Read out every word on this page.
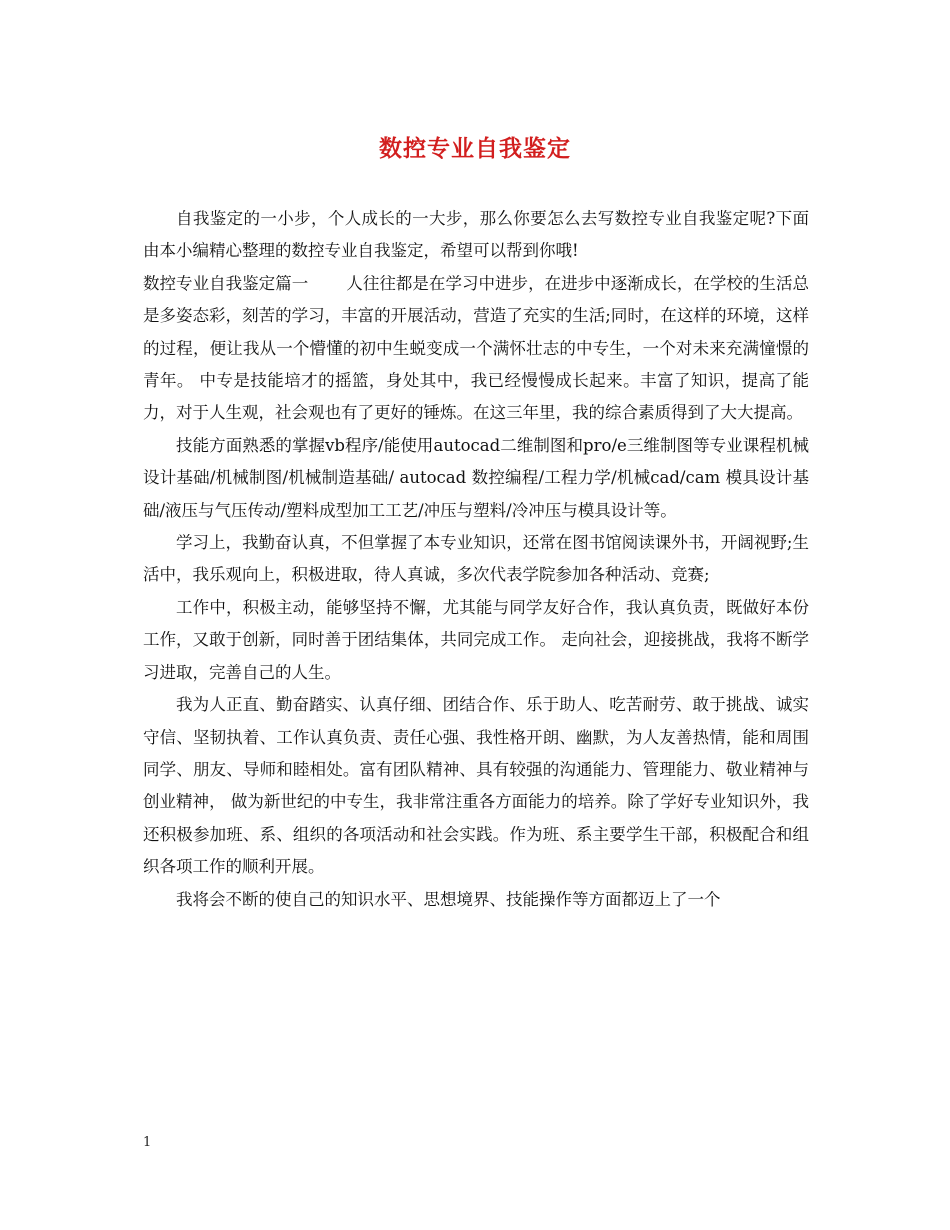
数控专业自我鉴定

自我鉴定的一小步，个人成长的一大步，那么你要怎么去写数控专业自我鉴定呢?下面由本小编精心整理的数控专业自我鉴定，希望可以帮到你哦!

数控专业自我鉴定篇一 人往往都是在学习中进步，在进步中逐渐成长，在学校的生活总是多姿态彩，刻苦的学习，丰富的开展活动，营造了充实的生活;同时，在这样的环境，这样的过程，便让我从一个懵懂的初中生蜕变成一个满怀壮志的中专生，一个对未来充满憧憬的青年。 中专是技能培才的摇篮，身处其中，我已经慢慢成长起来。丰富了知识，提高了能力，对于人生观，社会观也有了更好的锤炼。在这三年里，我的综合素质得到了大大提高。

技能方面熟悉的掌握vb程序/能使用autocad二维制图和pro/e三维制图等专业课程机械设计基础/机械制图/机械制造基础/ autocad 数控编程/工程力学/机械cad/cam 模具设计基础/液压与气压传动/塑料成型加工工艺/冲压与塑料/冷冲压与模具设计等。

学习上，我勤奋认真，不但掌握了本专业知识，还常在图书馆阅读课外书，开阔视野;生活中，我乐观向上，积极进取，待人真诚，多次代表学院参加各种活动、竞赛;

工作中，积极主动，能够坚持不懈，尤其能与同学友好合作，我认真负责，既做好本份工作，又敢于创新，同时善于团结集体，共同完成工作。 走向社会，迎接挑战，我将不断学习进取，完善自己的人生。

我为人正直、勤奋踏实、认真仔细、团结合作、乐于助人、吃苦耐劳、敢于挑战、诚实守信、坚韧执着、工作认真负责、责任心强、我性格开朗、幽默，为人友善热情，能和周围同学、朋友、导师和睦相处。富有团队精神、具有较强的沟通能力、管理能力、敬业精神与创业精神， 做为新世纪的中专生，我非常注重各方面能力的培养。除了学好专业知识外，我还积极参加班、系、组织的各项活动和社会实践。作为班、系主要学生干部，积极配合和组织各项工作的顺利开展。

我将会不断的使自己的知识水平、思想境界、技能操作等方面都迈上了一个

1
